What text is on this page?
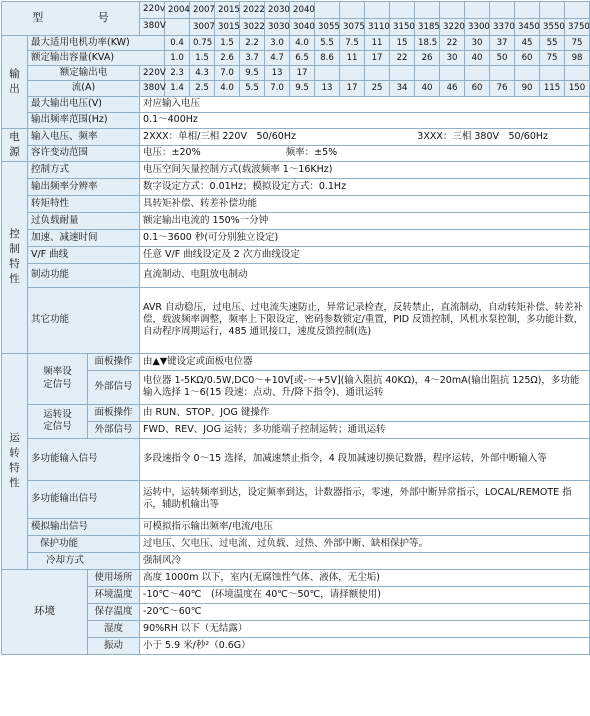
型 号			220v	2004	2007	2015	2022	2030	2040												
			380V		3007	3015	3022	3030	3040	3055	3075	3110	3150	3185	3220	3300	3370	3450	3550	3750	
输
出	最大适用电机功率(KW)			0.4	0.75	1.5	2.2	3.0	4.0	5.5	7.5	11	15	18.5	22	30	37	45	55	75	
	额定输出容量(KVA)			1.0	1.5	2.6	3.7	4.7	6.5	8.6	11	17	22	26	30	40	50	60	75	98	
	额定输出电		220V	2.3	4.3	7.0	9.5	13	17												
	流(A)		380V	1.4	2.5	4.0	5.5	7.0	9.5	13	17	25	34	40	46	60	76	90	115	150	
	最大输出电压(V)		对应输入电压																		
	输出频率范围(Hz)		0.1～400Hz																		
电
源	输入电压、频率		2XXX：单相/三相 220V　50/60Hz 3XXX：三相 380V　50/60Hz																		

	容许变动范围		电压：±20% 频率：±5%																		
控
制
特
性	控制方式		电压空间矢量控制方式(载波频率 1～16KHz)																		
	输出频率分辨率		数字设定方式：0.01Hz；模拟设定方式：0.1Hz																		
	转矩特性		具转矩补偿、转差补偿功能																		
	过负载耐量		额定输出电流的 150%一分钟																		
	加速、减速时间		0.1～3600 秒(可分别独立设定)																		
	V/F 曲线		任意 V/F 曲线设定及 2 次方曲线设定																		
	制动功能		直流制动、电阻放电制动																		
	其它功能		AVR 自动稳压，过电压、过电流失速防止，异常记录检查，反转禁止，直流制动，自动转矩补偿、转差补偿，载波频率调整，频率上下限设定，密码参数锁定/重置，PID 反馈控制，风机水泵控制，多功能计数，自动程序周期运行，485 通讯接口，速度反馈控制(选)																		
运
转
特
性	频率设
定信号	面板操作	由▲▼键设定或面板电位器																		
		外部信号	电位器 1-5KΩ/0.5W,DC0～+10V[或-～+5V](输入阻抗 40KΩ)，4～20mA(输出阻抗 125Ω)，多功能输入选择 1～6(15 段速：点动、升/降下指令)、通讯运转																		
	运转设
定信号	面板操作	由 RUN、STOP、JOG 键操作																		
		外部信号	FWD、REV、JOG 运转；多功能端子控制运转；通讯运转																		
	多功能输入信号		多段速指令 0～15 选择，加减速禁止指令，4 段加减速切换记数器，程序运转，外部中断输入等																		
	多功能输出信号		运转中，运转频率到达，设定频率到达，计数器指示，零速，外部中断异常指示，LOCAL/REMOTE 指示，辅助机输出等																		
	模拟输出信号		可模拟指示输出频率/电流/电压																		
	保护功能		过电压、欠电压、过电流、过负载、过热、外部中断、缺相保护等。																		
	冷却方式		强制风冷																		
环境		使用场所	高度 1000m 以下，室内(无腐蚀性气体、液体，无尘垢)																		
		环境温度	-10℃～40℃　(环境温度在 40℃～50℃，请择额使用)																		
		保存温度	-20℃～60℃																		
		湿度	90%RH 以下（无结露）																		
		振动	小于 5.9 米/秒²（0.6G）																		
